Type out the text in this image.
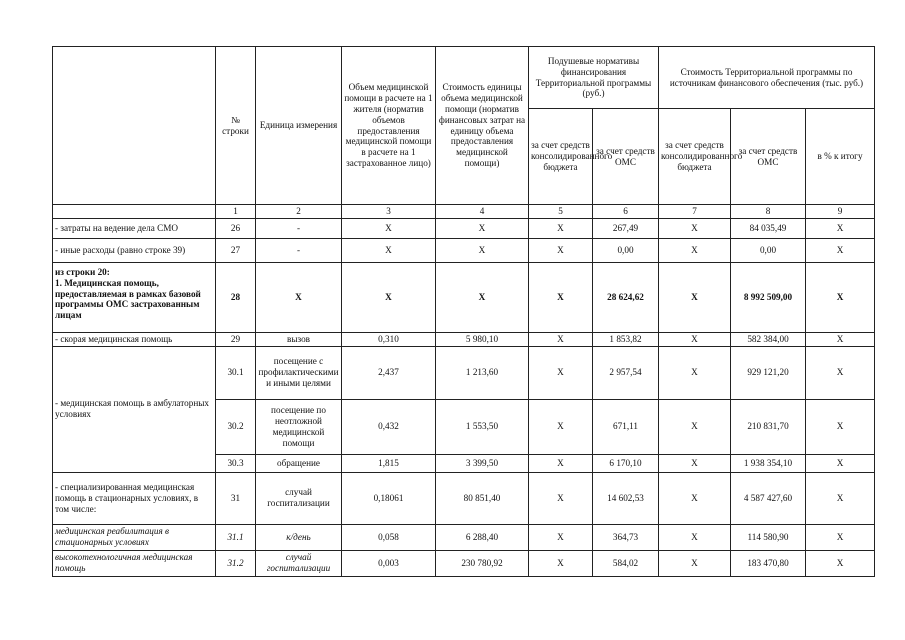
	№ строки	Единица измерения	Объем медицинской помощи в расчете на 1 жителя (норматив объемов предоставления медицинской помощи в расчете на 1 застрахованное лицо)	Стоимость единицы объема медицинской помощи (норматив финансовых затрат на единицу объема предоставления медицинской помощи)	Подушевые нормативы финансирования Территориальной программы (руб.)		Стоимость Территориальной программы по источникам финансового обеспечения (тыс. руб.)		
					за счет средств консолидированного бюджета	за счет средств ОМС	за счет средств консолидированного бюджета	за счет средств ОМС	в % к итогу
	1	2	3	4	5	6	7	8	9
- затраты на ведение дела СМО	26	-	X	X	X	267,49	X	84 035,49	X
- иные расходы (равно строке 39)	27	-	X	X	X	0,00	X	0,00	X
из строки 20:
1. Медицинская помощь, предоставляемая в рамках базовой программы ОМС застрахованным лицам	28	X	X	X	X	28 624,62	X	8 992 509,00	X
- скорая медицинская помощь	29	вызов	0,310	5 980,10	X	1 853,82	X	582 384,00	X
- медицинская помощь в амбулаторных условиях	30.1	посещение с профилактическими и иными целями	2,437	1 213,60	X	2 957,54	X	929 121,20	X
	30.2	посещение по неотложной медицинской помощи	0,432	1 553,50	X	671,11	X	210 831,70	X
	30.3	обращение	1,815	3 399,50	X	6 170,10	X	1 938 354,10	X
- специализированная медицинская помощь в стационарных условиях, в том числе:	31	случай госпитализации	0,18061	80 851,40	X	14 602,53	X	4 587 427,60	X
медицинская реабилитация в стационарных условиях	31.1	к/день	0,058	6 288,40	X	364,73	X	114 580,90	X
высокотехнологичная медицинская помощь	31.2	случай госпитализации	0,003	230 780,92	X	584,02	X	183 470,80	X
